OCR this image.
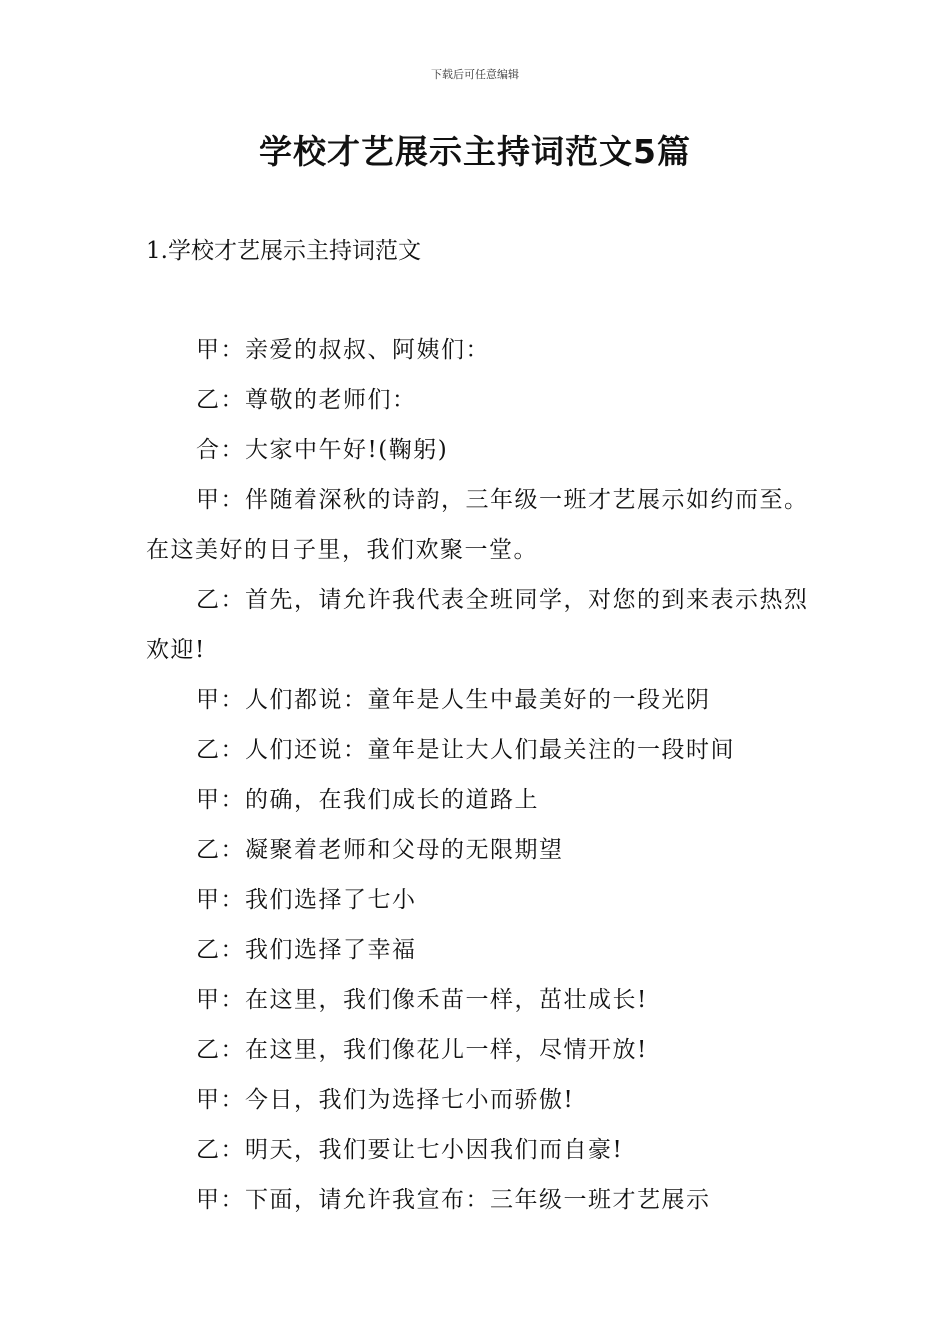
下载后可任意编辑
学校才艺展示主持词范文5篇
1.学校才艺展示主持词范文

甲：亲爱的叔叔、阿姨们：

乙：尊敬的老师们：

合：大家中午好!(鞠躬)

甲：伴随着深秋的诗韵，三年级一班才艺展示如约而至。在这美好的日子里，我们欢聚一堂。

乙：首先，请允许我代表全班同学，对您的到来表示热烈欢迎!

甲：人们都说：童年是人生中最美好的一段光阴

乙：人们还说：童年是让大人们最关注的一段时间

甲：的确，在我们成长的道路上

乙：凝聚着老师和父母的无限期望

甲：我们选择了七小

乙：我们选择了幸福

甲：在这里，我们像禾苗一样，茁壮成长!

乙：在这里，我们像花儿一样，尽情开放!

甲：今日，我们为选择七小而骄傲!

乙：明天，我们要让七小因我们而自豪!

甲：下面，请允许我宣布：三年级一班才艺展示
